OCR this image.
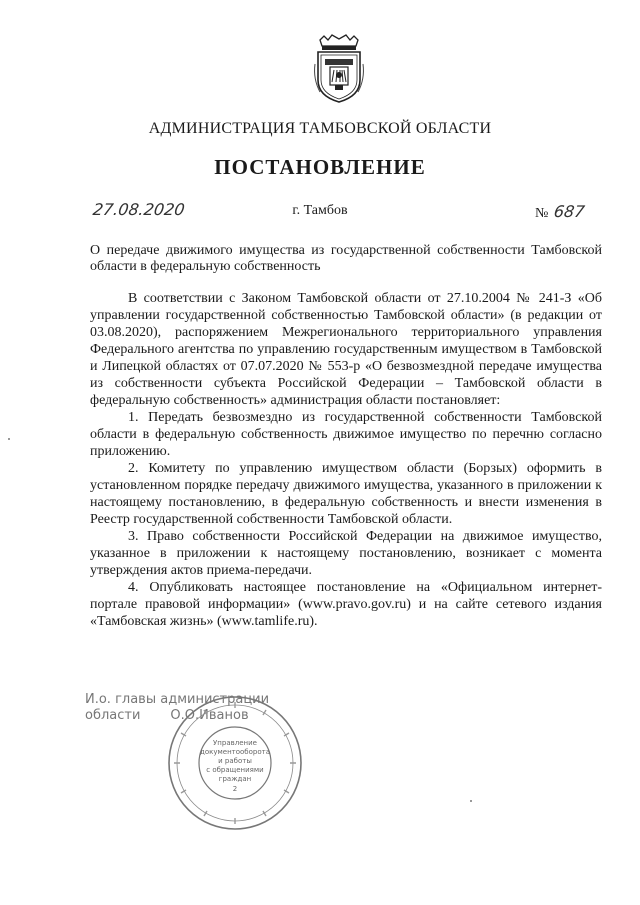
АДМИНИСТРАЦИЯ ТАМБОВСКОЙ ОБЛАСТИ
ПОСТАНОВЛЕНИЕ
27.08.2020	г. Тамбов	№ 687
О передаче движимого имущества из государственной собственности Тамбовской области в федеральную собственность

В соответствии с Законом Тамбовской области от 27.10.2004 № 241-З «Об управлении государственной собственностью Тамбовской области» (в редакции от 03.08.2020), распоряжением Межрегионального территориального управления Федерального агентства по управлению государственным имуществом в Тамбовской и Липецкой областях от 07.07.2020 № 553-р «О безвозмездной передаче имущества из собственности субъекта Российской Федерации – Тамбовской области в федеральную собственность» администрация области постановляет:

1. Передать безвозмездно из государственной собственности Тамбовской области в федеральную собственность движимое имущество по перечню согласно приложению.

2. Комитету по управлению имуществом области (Борзых) оформить в установленном порядке передачу движимого имущества, указанного в приложении к настоящему постановлению, в федеральную собственность и внести изменения в Реестр государственной собственности Тамбовской области.

3. Право собственности Российской Федерации на движимое имущество, указанное в приложении к настоящему постановлению, возникает с момента утверждения актов приема-передачи.

4. Опубликовать настоящее постановление на «Официальном интернет-портале правовой информации» (www.pravo.gov.ru) и на сайте сетевого издания «Тамбовская жизнь» (www.tamlife.ru).

И.о. главы администрации
области О.О.Иванов
Управление
документооборота
и работы
с обращениями
граждан
2
